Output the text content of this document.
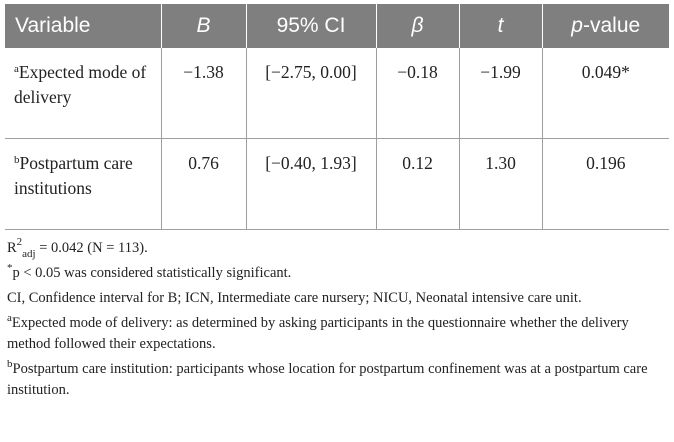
Variable	B	95% CI	β	t	p-value
$^a$Expected mode of delivery	−1.38	[−2.75, 0.00]	−0.18	−1.99	0.049*
$^b$Postpartum care institutions	0.76	[−0.40, 1.93]	0.12	1.30	0.196

$R^2_{adj} = 0.042$ (N = 113).

*p < 0.05 was considered statistically significant.

CI, Confidence interval for B; ICN, Intermediate care nursery; NICU, Neonatal intensive care unit.

$^a$Expected mode of delivery: as determined by asking participants in the questionnaire whether the delivery method followed their expectations.

$^b$Postpartum care institution: participants whose location for postpartum confinement was at a postpartum care institution.
